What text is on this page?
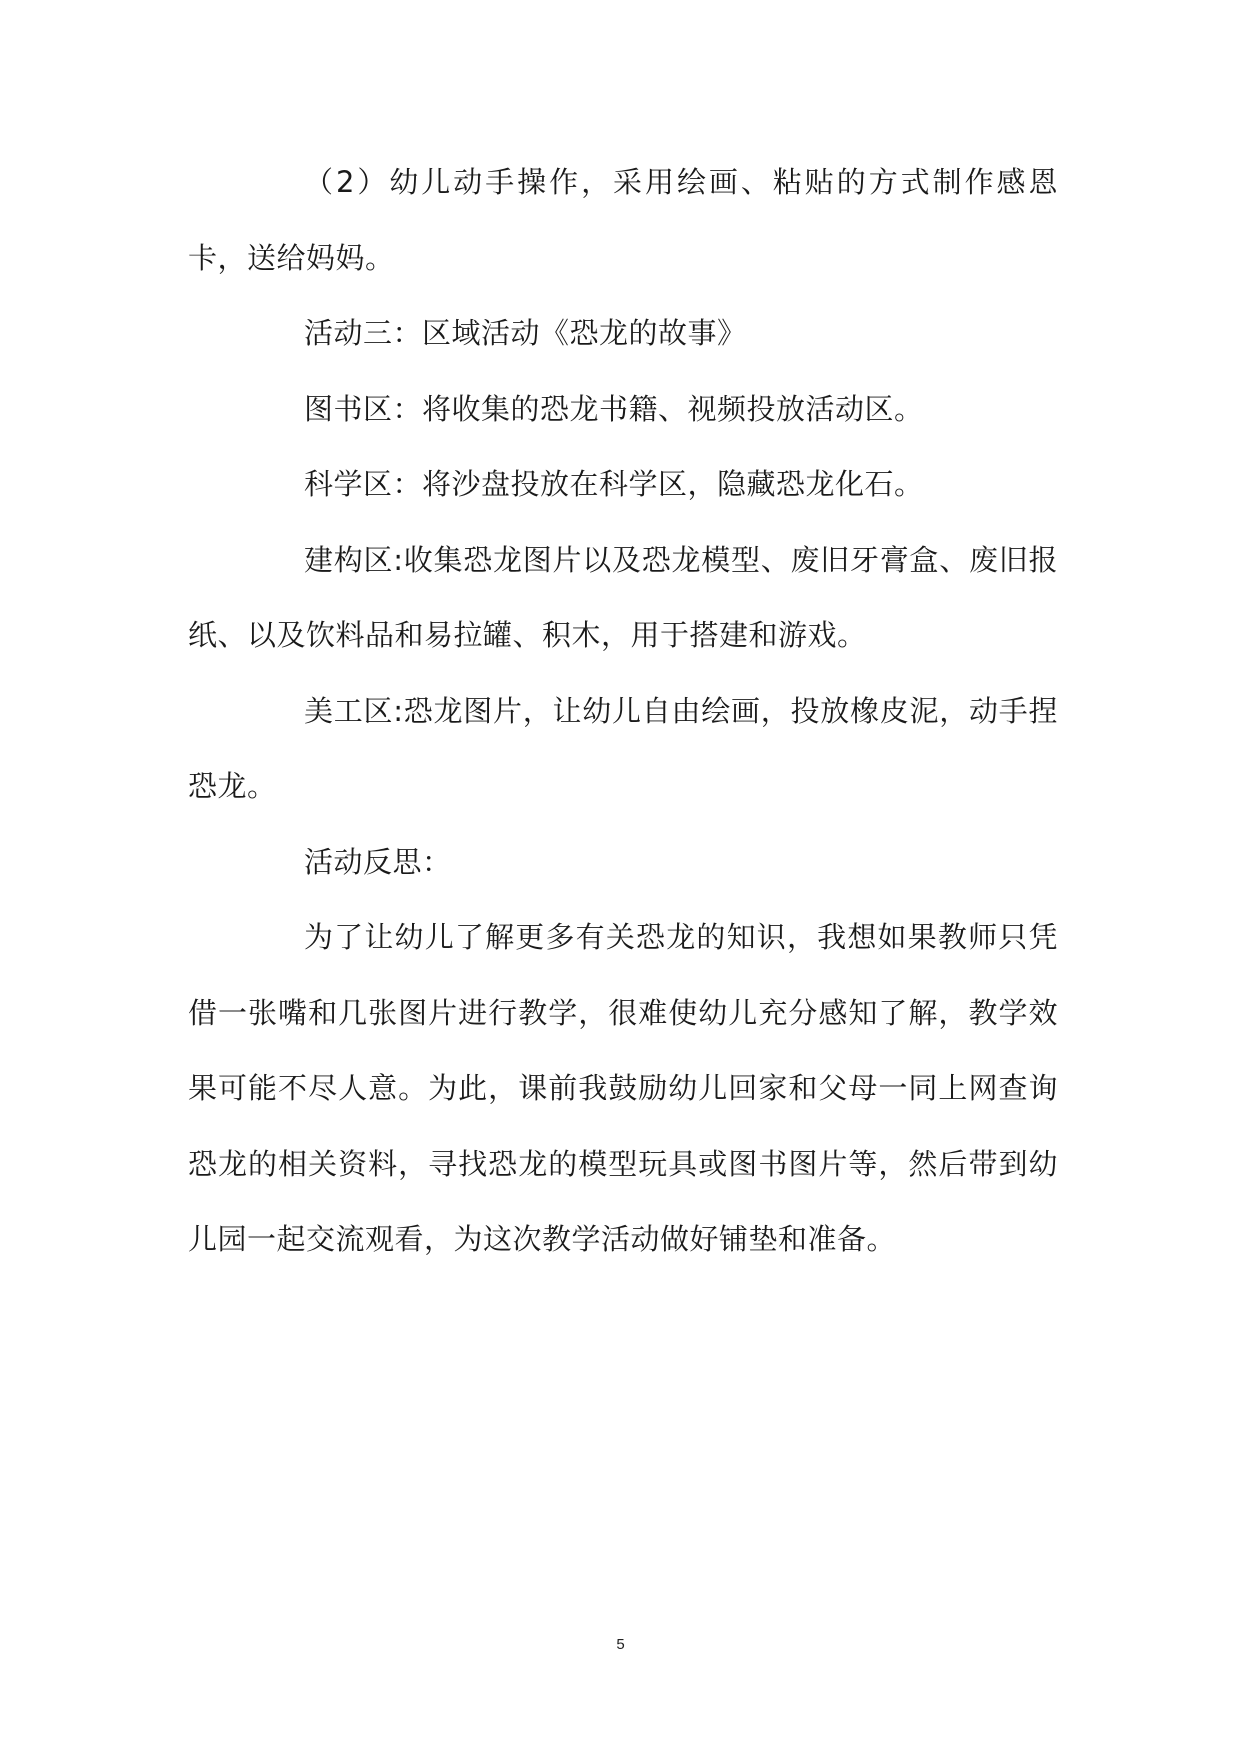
（2）幼儿动手操作，采用绘画、粘贴的方式制作感恩卡，送给妈妈。

活动三：区域活动《恐龙的故事》

图书区：将收集的恐龙书籍、视频投放活动区。

科学区：将沙盘投放在科学区，隐藏恐龙化石。

建构区:收集恐龙图片以及恐龙模型、废旧牙膏盒、废旧报纸、以及饮料品和易拉罐、积木，用于搭建和游戏。

美工区:恐龙图片，让幼儿自由绘画，投放橡皮泥，动手捏恐龙。

活动反思：

为了让幼儿了解更多有关恐龙的知识，我想如果教师只凭借一张嘴和几张图片进行教学，很难使幼儿充分感知了解，教学效果可能不尽人意。为此，课前我鼓励幼儿回家和父母一同上网查询恐龙的相关资料，寻找恐龙的模型玩具或图书图片等，然后带到幼儿园一起交流观看，为这次教学活动做好铺垫和准备。

5
